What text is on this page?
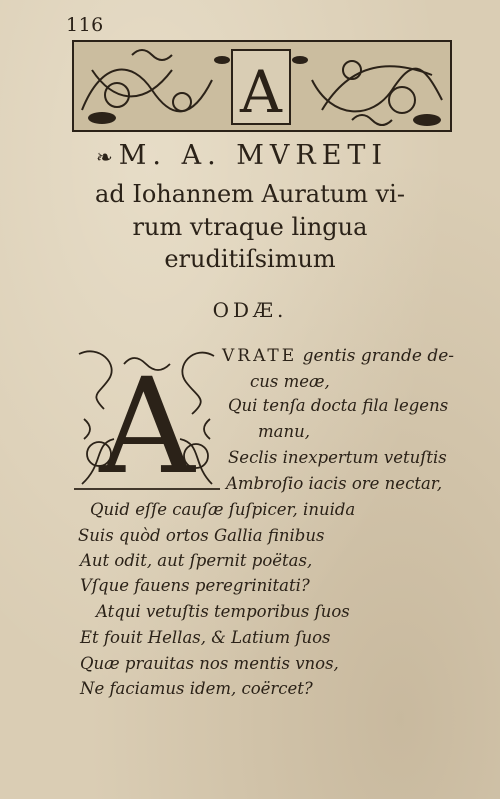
116
A
❧ M. A. MVRETI
ad Iohannem Auratum vi-
rum vtraque lingua
eruditiſsimum
ODÆ.
A VRATE gentis grande de-
cus meæ,
Qui tenſa docta fila legens
manu,
Seclis inexpertum vetuſtis
Ambroſio iacis ore nectar,
Quid eſſe cauſæ ſuſpicer, inuida
Suis quòd ortos Gallia finibus
Aut odit, aut ſpernit poëtas,
Vſque fauens peregrinitati?
Atqui vetuſtis temporibus ſuos
Et fouit Hellas, & Latium ſuos
Quæ prauitas nos mentis vnos,
Ne faciamus idem, coërcet?
